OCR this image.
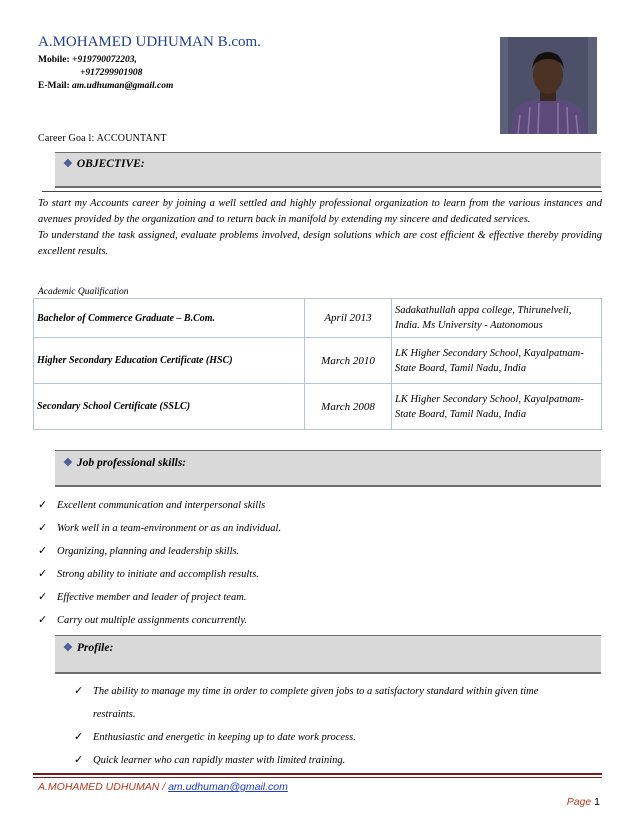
A.MOHAMED UDHUMAN B.com.
Mobile: +919790072203,
+917299901908
E-Mail: am.udhuman@gmail.com
Career Goa l: ACCOUNTANT
❖ OBJECTIVE:
To start my Accounts career by joining a well settled and highly professional organization to learn from the various instances and avenues provided by the organization and to return back in manifold by extending my sincere and dedicated services.
To understand the task assigned, evaluate problems involved, design solutions which are cost efficient & effective thereby providing excellent results.
Academic Qualification
Bachelor of Commerce Graduate – B.Com.	April 2013	Sadakathullah appa college, Thirunelveli, India. Ms University - Autonomous
Higher Secondary Education Certificate (HSC)	March 2010	LK Higher Secondary School, Kayalpatnam- State Board, Tamil Nadu, India
Secondary School Certificate (SSLC)	March 2008	LK Higher Secondary School, Kayalpatnam- State Board, Tamil Nadu, India
❖ Job professional skills:
✓ Excellent communication and interpersonal skills
✓ Work well in a team-environment or as an individual.
✓ Organizing, planning and leadership skills.
✓ Strong ability to initiate and accomplish results.
✓ Effective member and leader of project team.
✓ Carry out multiple assignments concurrently.
❖ Profile:
✓ The ability to manage my time in order to complete given jobs to a satisfactory standard within given time restraints.
✓ Enthusiastic and energetic in keeping up to date work process.
✓ Quick learner who can rapidly master with limited training.
A.MOHAMED UDHUMAN / am.udhuman@gmail.com
Page 1
